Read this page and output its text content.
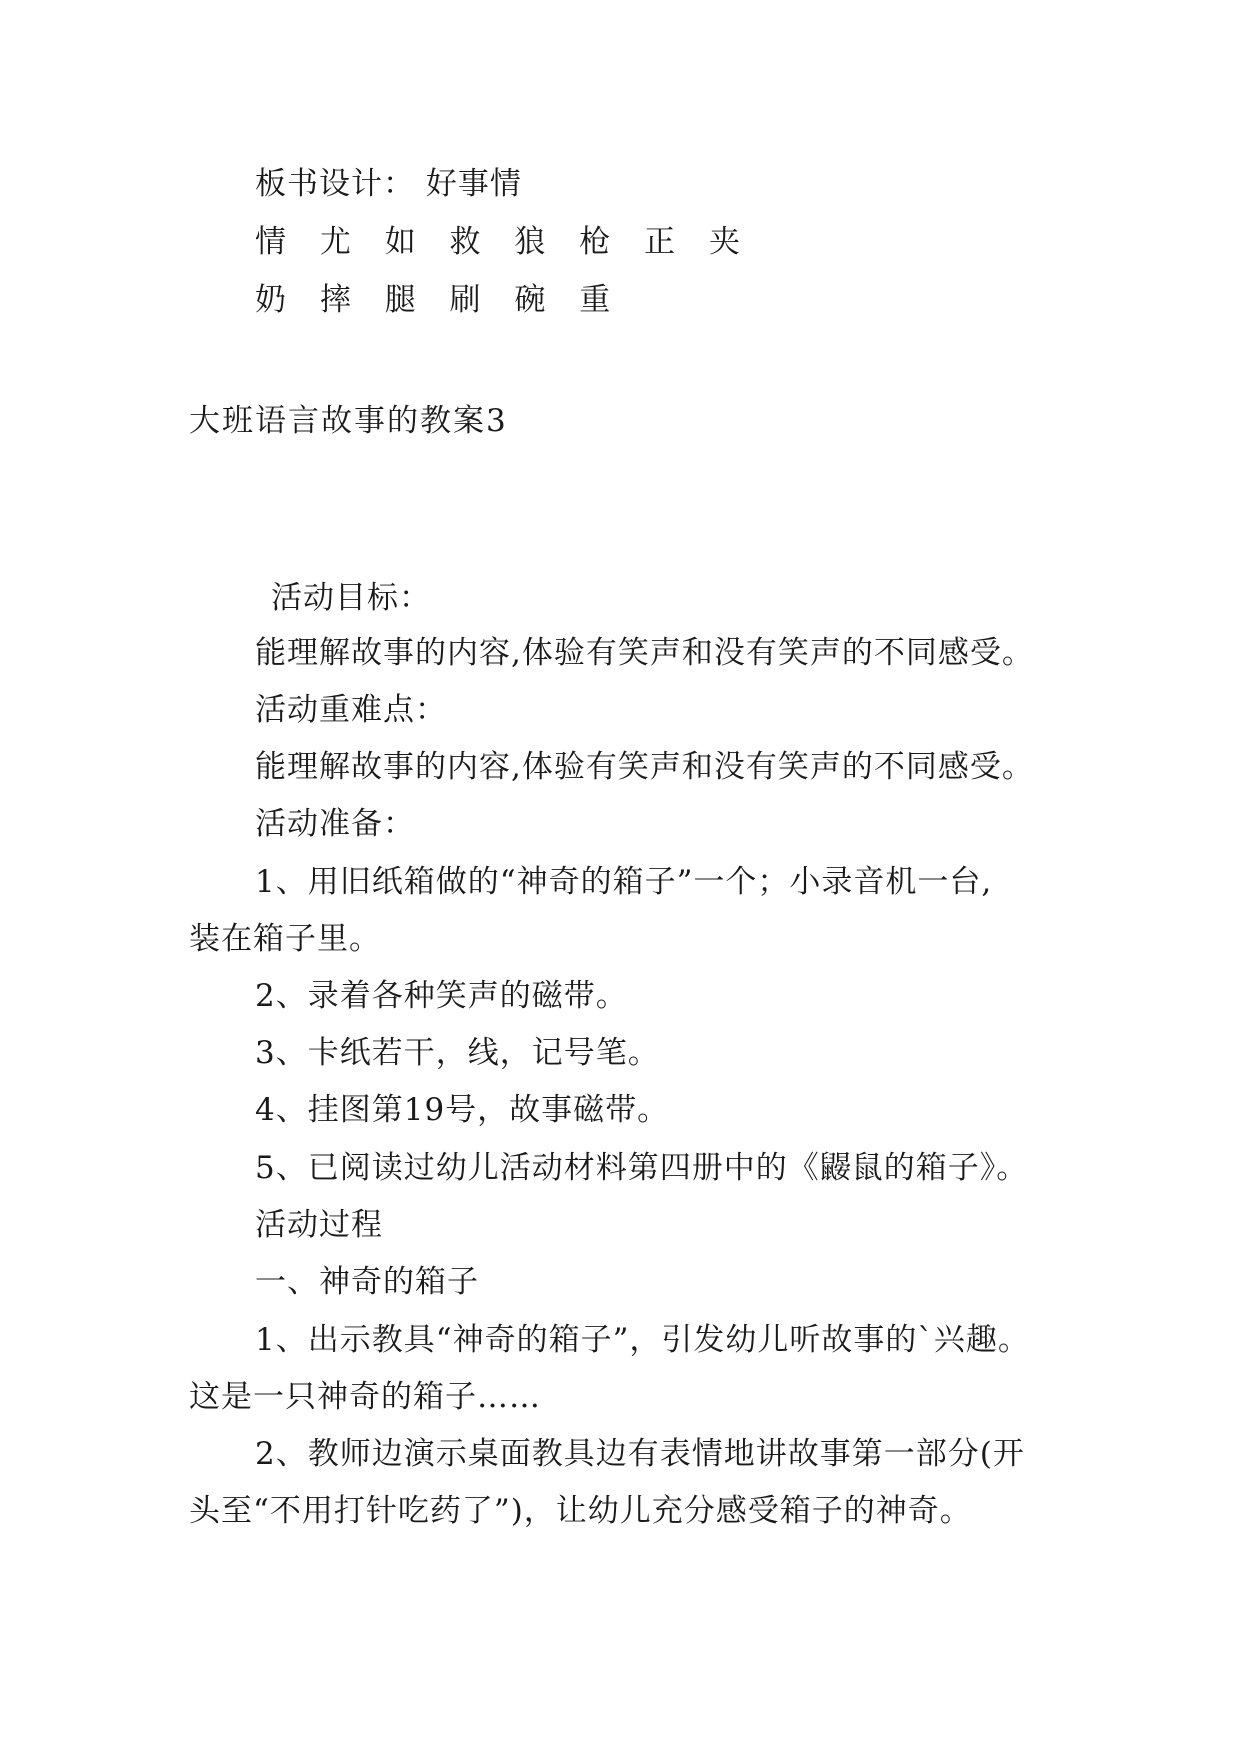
板书设计： 好事情
情 尤 如 救 狼 枪 正 夹
奶 摔 腿 刷 碗 重
大班语言故事的教案3
活动目标：
能理解故事的内容,体验有笑声和没有笑声的不同感受。
活动重难点：
能理解故事的内容,体验有笑声和没有笑声的不同感受。
活动准备：
1、用旧纸箱做的“神奇的箱子”一个；小录音机一台,
装在箱子里。
2、录着各种笑声的磁带。
3、卡纸若干，线，记号笔。
4、挂图第19号，故事磁带。
5、已阅读过幼儿活动材料第四册中的《鼹鼠的箱子》。
活动过程
一、神奇的箱子
1、出示教具“神奇的箱子”，引发幼儿听故事的`兴趣。
这是一只神奇的箱子……
2、教师边演示桌面教具边有表情地讲故事第一部分(开
头至“不用打针吃药了”)，让幼儿充分感受箱子的神奇。
